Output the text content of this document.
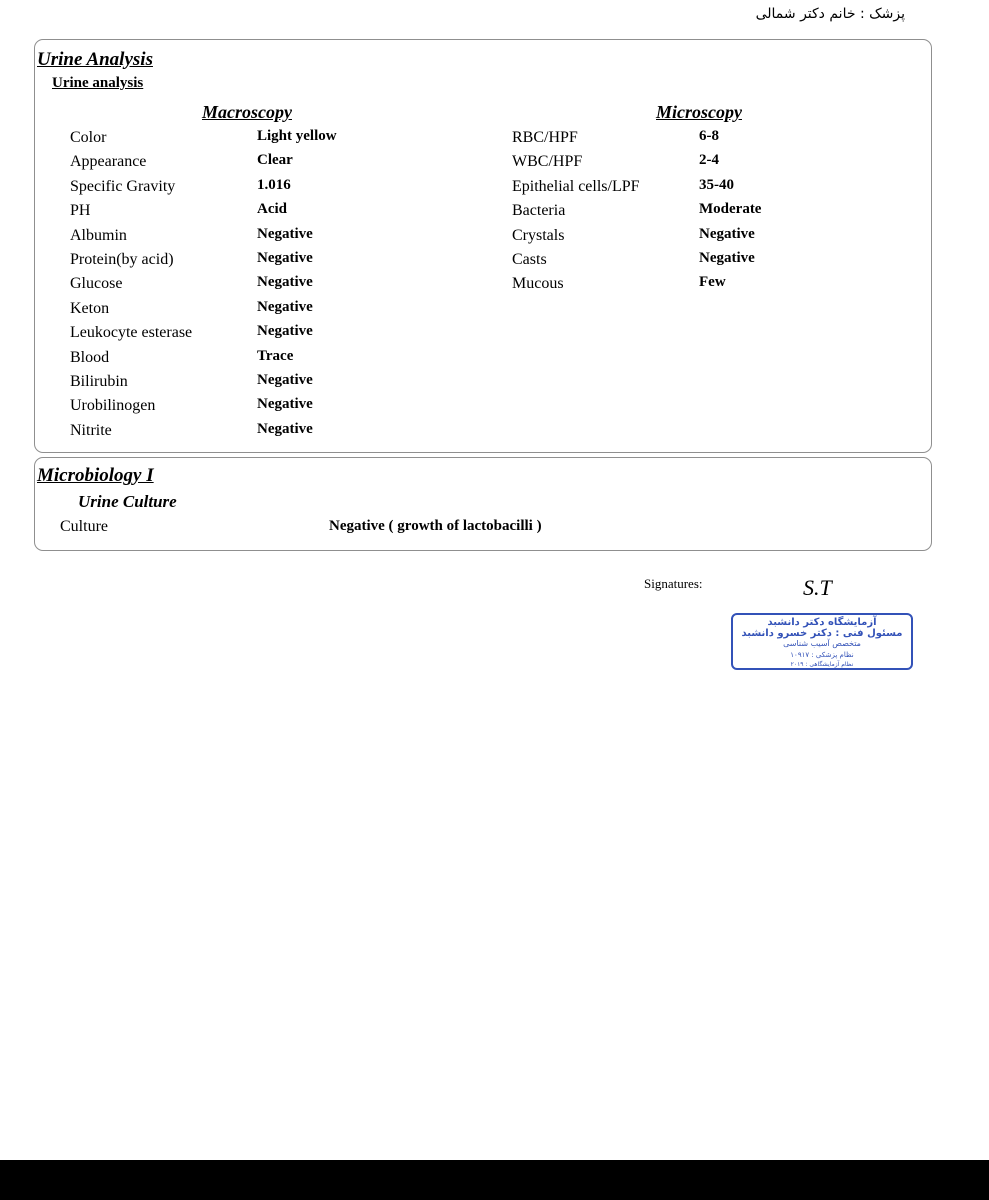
پزشک : خانم دکتر شمالی
Urine Analysis
Urine analysis
Macroscopy	Microscopy
Color	Light yellow
Appearance	Clear
Specific Gravity	1.016
PH	Acid
Albumin	Negative
Protein(by acid)	Negative
Glucose	Negative
Keton	Negative
Leukocyte esterase	Negative
Blood	Trace
Bilirubin	Negative
Urobilinogen	Negative
Nitrite	Negative
RBC/HPF	6-8
WBC/HPF	2-4
Epithelial cells/LPF	35-40
Bacteria	Moderate
Crystals	Negative
Casts	Negative
Mucous	Few
Microbiology I
Urine Culture
Culture	Negative ( growth of lactobacilli )
Signatures:	S.T
آزمایشگاه دکتر دانشبد
مسئول فنی : دکتر خسرو دانشبد
متخصص آسیب شناسی
نظام پزشکی : ۱۰۹۱۷
نظام آزمایشگاهی : ۲۰۱۹
